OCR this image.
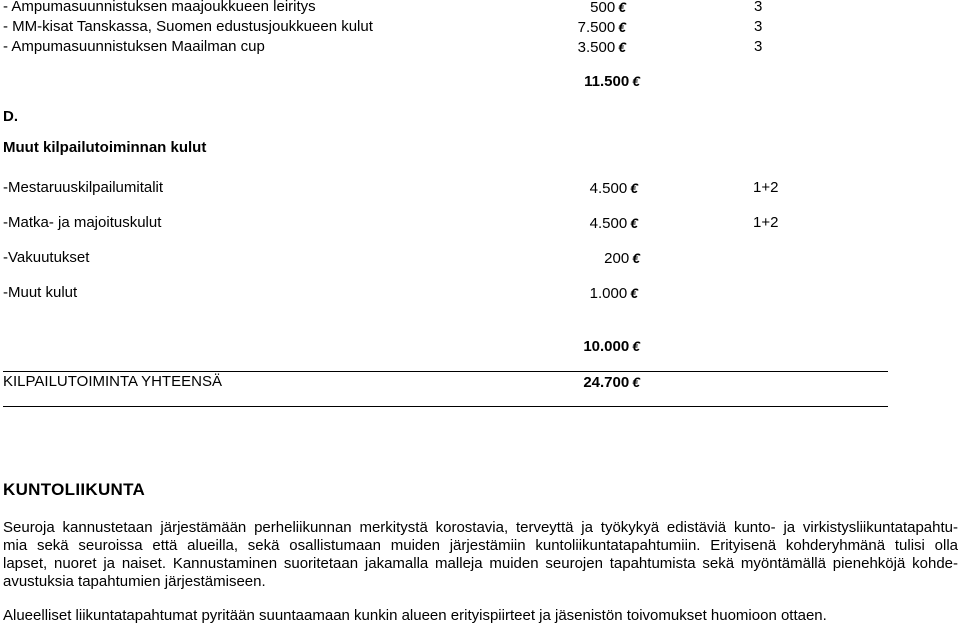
- Ampumasuunnistuksen maajoukkueen leiritys	500 €	3
- MM-kisat Tanskassa, Suomen edustusjoukkueen kulut	7.500 €	3
- Ampumasuunnistuksen Maailman cup	3.500 €	3
11.500 €
D.
Muut kilpailutoiminnan kulut
-Mestaruuskilpailumitalit	4.500 €	1+2
-Matka- ja majoituskulut	4.500 €	1+2
-Vakuutukset	200 €
-Muut kulut	1.000 €
10.000 €
KILPAILUTOIMINTA YHTEENSÄ	24.700 €
KUNTOLIIKUNTA
Seuroja kannustetaan järjestämään perheliikunnan merkitystä korostavia, terveyttä ja työkykyä edistäviä kunto- ja virkistysliikuntatapahtu-
mia sekä seuroissa että alueilla, sekä osallistumaan muiden järjestämiin kuntoliikuntatapahtumiin. Erityisenä kohderyhmänä tulisi olla
lapset, nuoret ja naiset. Kannustaminen suoritetaan jakamalla malleja muiden seurojen tapahtumista sekä myöntämällä pienehköjä kohde-
avustuksia tapahtumien järjestämiseen.
Alueelliset liikuntatapahtumat pyritään suuntaamaan kunkin alueen erityispiirteet ja jäsenistön toivomukset huomioon ottaen.
